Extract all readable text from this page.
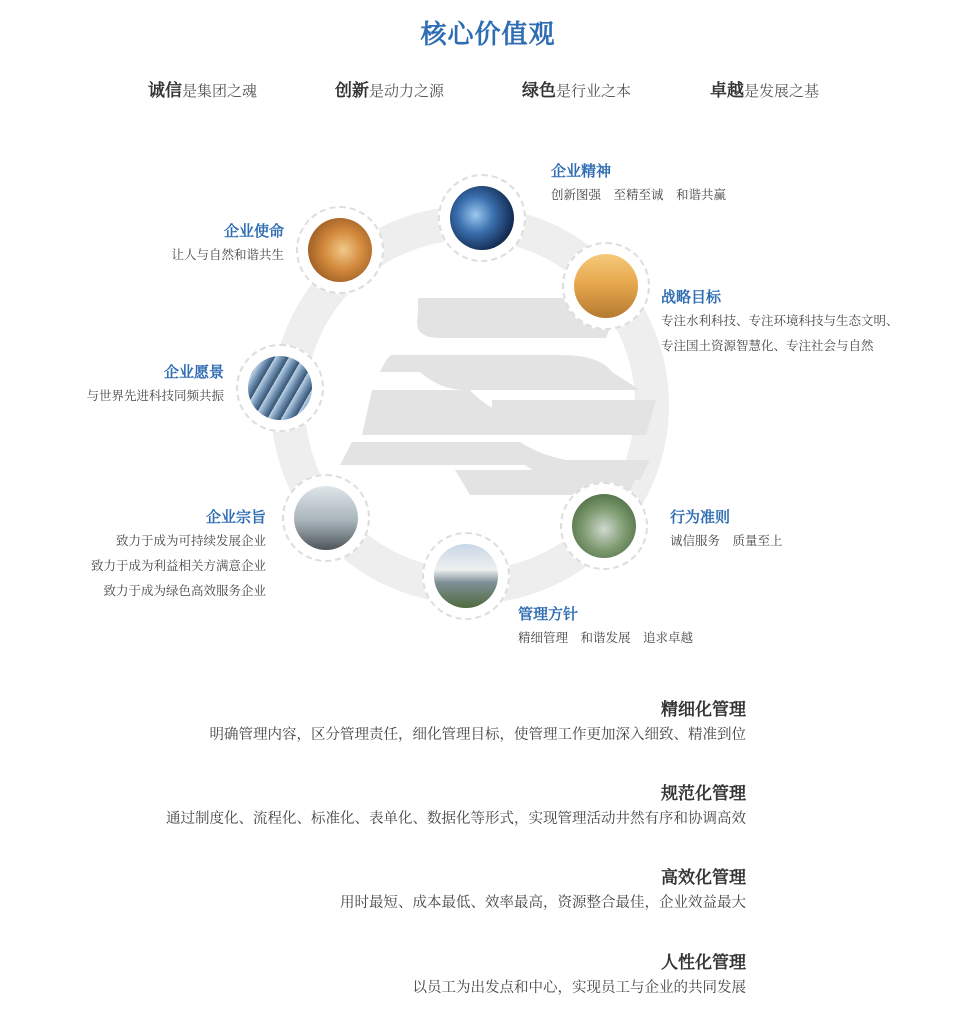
核心价值观
诚信是集团之魂	创新是动力之源	绿色是行业之本	卓越是发展之基
企业精神
创新图强　至精至诚　和谐共赢
战略目标
专注水利科技、专注环境科技与生态文明、专注国土资源智慧化、专注社会与自然
企业使命
让人与自然和谐共生
企业愿景
与世界先进科技同频共振
企业宗旨
致力于成为可持续发展企业
致力于成为利益相关方满意企业
致力于成为绿色高效服务企业
行为准则
诚信服务　质量至上
管理方针
精细管理　和谐发展　追求卓越
精细化管理
明确管理内容，区分管理责任，细化管理目标，使管理工作更加深入细致、精准到位
规范化管理
通过制度化、流程化、标准化、表单化、数据化等形式，实现管理活动井然有序和协调高效
高效化管理
用时最短、成本最低、效率最高，资源整合最佳，企业效益最大
人性化管理
以员工为出发点和中心，实现员工与企业的共同发展
